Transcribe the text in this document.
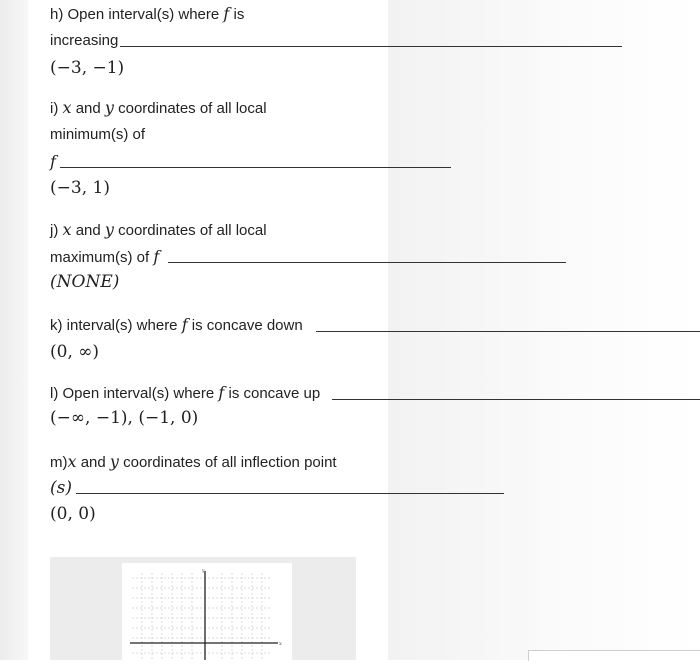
h) Open interval(s) where f is
increasing
(−3, −1)
i) x and y coordinates of all local
minimum(s) of
f
(−3, 1)
j) x and y coordinates of all local
maximum(s) of f
(NONE)
k) interval(s) where f is concave down
(0, ∞)
l) Open interval(s) where f is concave up
(−∞, −1), (−1, 0)
m)x and y coordinates of all inflection point
(s)
(0, 0)
y
x
